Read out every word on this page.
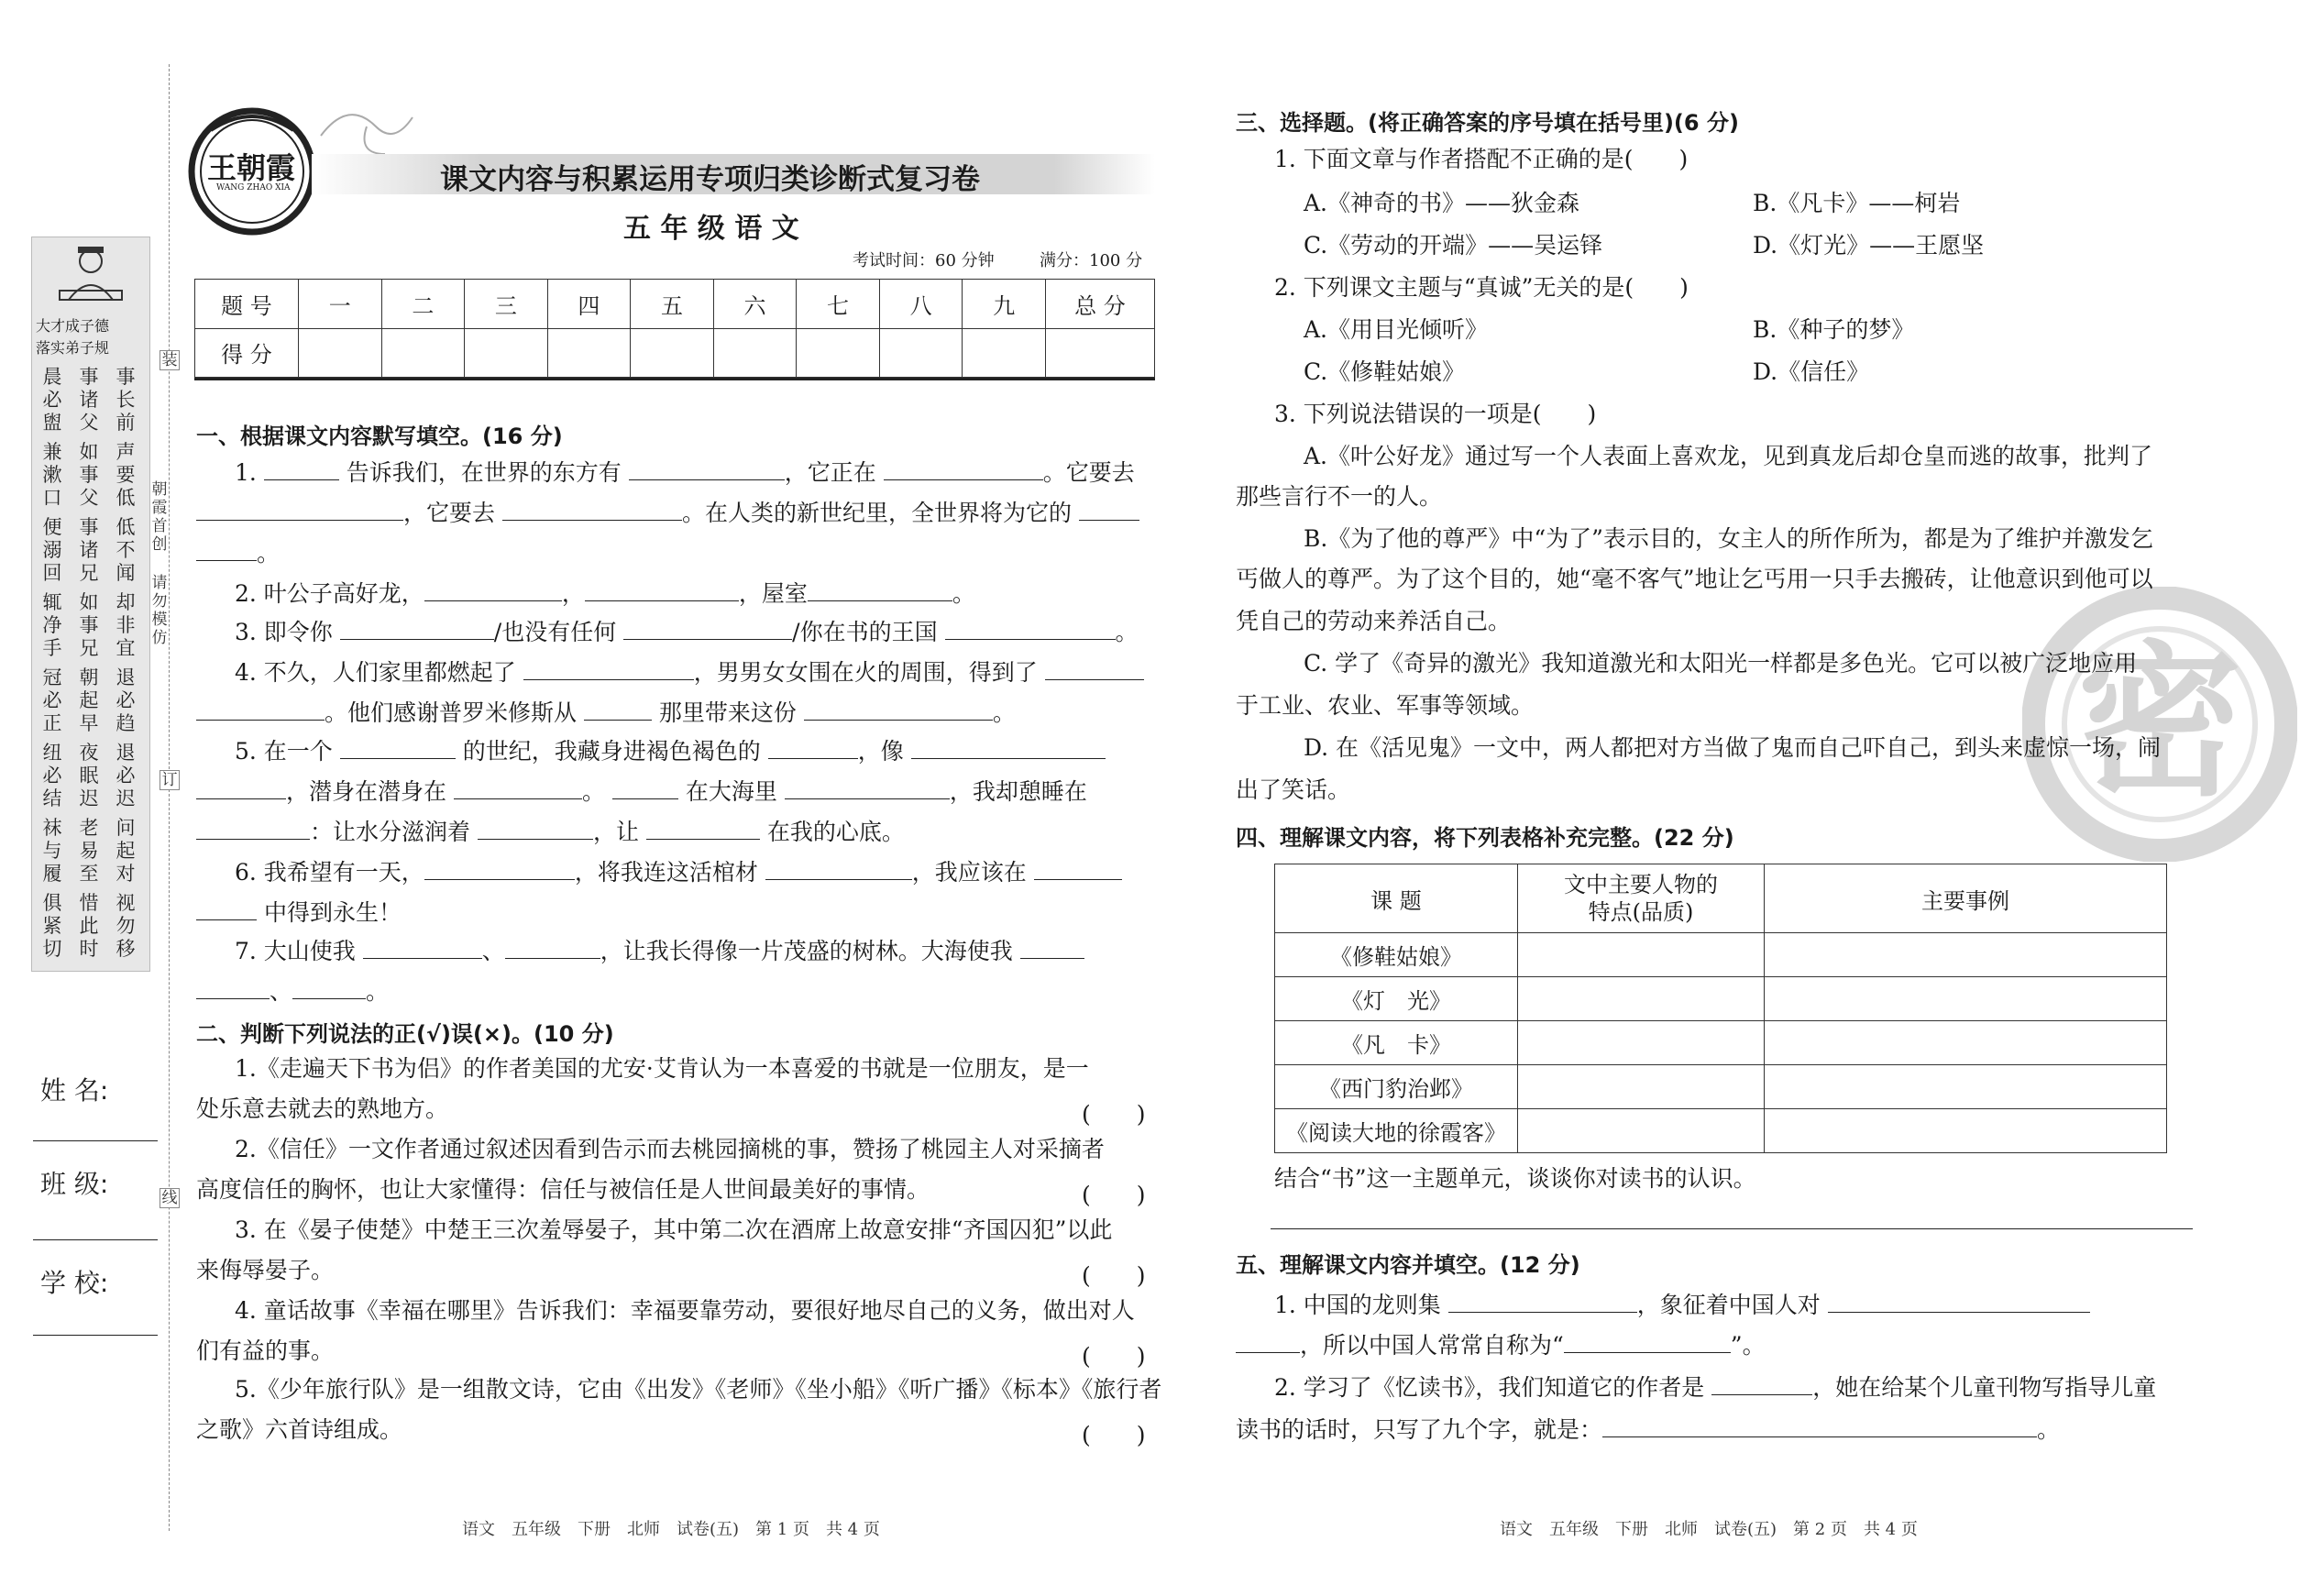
装
订
线
朝霞首创
请勿模仿
大才成子德
落实弟子规
晨必盥
事诸父
事长前
兼漱口
如事父
声要低
便溺回
事诸兄
低不闻
辄净手
如事兄
却非宜
冠必正
朝起早
退必趋
纽必结
夜眠迟
退必迟
袜与履
老易至
问起对
俱紧切
惜此时
视勿移
姓 名:
班 级:
学 校:
王朝霞
WANG ZHAO XIA	课文内容与积累运用专项归类诊断式复习卷
五 年 级 语 文
考试时间：60 分钟	满分：100 分
题 号	一	二	三	四	五	六	七	八	九	总 分
得 分										
一、根据课文内容默写填空。(16 分)
1.	告诉我们，在世界的东方有	，它正在	。它要去
，它要去	。在人类的新世纪里，全世界将为它的
。
2. 叶公子高好龙，	，	，屋室	。
3. 即令你	/也没有任何	/你在书的王国	。
4. 不久，人们家里都燃起了	，男男女女围在火的周围，得到了
。他们感谢普罗米修斯从	那里带来这份	。
5. 在一个	的世纪，我藏身进褐色褐色的	，像
，潜身在潜身在	。	在大海里	，我却憩睡在
：让水分滋润着	，让	在我的心底。
6. 我希望有一天，	，将我连这活棺材	，我应该在
中得到永生！
7. 大山使我	、	，让我长得像一片茂盛的树林。大海使我
、	。
二、判断下列说法的正(√)误(×)。(10 分)
1.《走遍天下书为侣》的作者美国的尤安·艾肯认为一本喜爱的书就是一位朋友，是一
处乐意去就去的熟地方。	(　　)
2.《信任》一文作者通过叙述因看到告示而去桃园摘桃的事，赞扬了桃园主人对采摘者
高度信任的胸怀，也让大家懂得：信任与被信任是人世间最美好的事情。	(　　)
3. 在《晏子使楚》中楚王三次羞辱晏子，其中第二次在酒席上故意安排“齐国囚犯”以此
来侮辱晏子。	(　　)
4. 童话故事《幸福在哪里》告诉我们：幸福要靠劳动，要很好地尽自己的义务，做出对人
们有益的事。	(　　)
5.《少年旅行队》是一组散文诗，它由《出发》《老师》《坐小船》《听广播》《标本》《旅行者
之歌》六首诗组成。	(　　)
语文　五年级　下册　北师　试卷(五)　第 1 页　共 4 页
密
三、选择题。(将正确答案的序号填在括号里)(6 分)
1. 下面文章与作者搭配不正确的是(　　)
A.《神奇的书》——狄金森	B.《凡卡》——柯岩
C.《劳动的开端》——吴运铎	D.《灯光》——王愿坚
2. 下列课文主题与“真诚”无关的是(　　)
A.《用目光倾听》	B.《种子的梦》
C.《修鞋姑娘》	D.《信任》
3. 下列说法错误的一项是(　　)
A.《叶公好龙》通过写一个人表面上喜欢龙，见到真龙后却仓皇而逃的故事，批判了
那些言行不一的人。
B.《为了他的尊严》中“为了”表示目的，女主人的所作所为，都是为了维护并激发乞
丐做人的尊严。为了这个目的，她“毫不客气”地让乞丐用一只手去搬砖，让他意识到他可以
凭自己的劳动来养活自己。
C. 学了《奇异的激光》我知道激光和太阳光一样都是多色光。它可以被广泛地应用
于工业、农业、军事等领域。
D. 在《活见鬼》一文中，两人都把对方当做了鬼而自己吓自己，到头来虚惊一场，闹
出了笑话。
四、理解课文内容，将下列表格补充完整。(22 分)
课 题	文中主要人物的
特点(品质)	主要事例
《修鞋姑娘》		
《灯　光》		
《凡　卡》		
《西门豹治邺》		
《阅读大地的徐霞客》		
结合“书”这一主题单元，谈谈你对读书的认识。
五、理解课文内容并填空。(12 分)
1. 中国的龙则集	，象征着中国人对
，所以中国人常常自称为“	”。
2. 学习了《忆读书》，我们知道它的作者是	，她在给某个儿童刊物写指导儿童
读书的话时，只写了九个字，就是：	。
语文　五年级　下册　北师　试卷(五)　第 2 页　共 4 页
